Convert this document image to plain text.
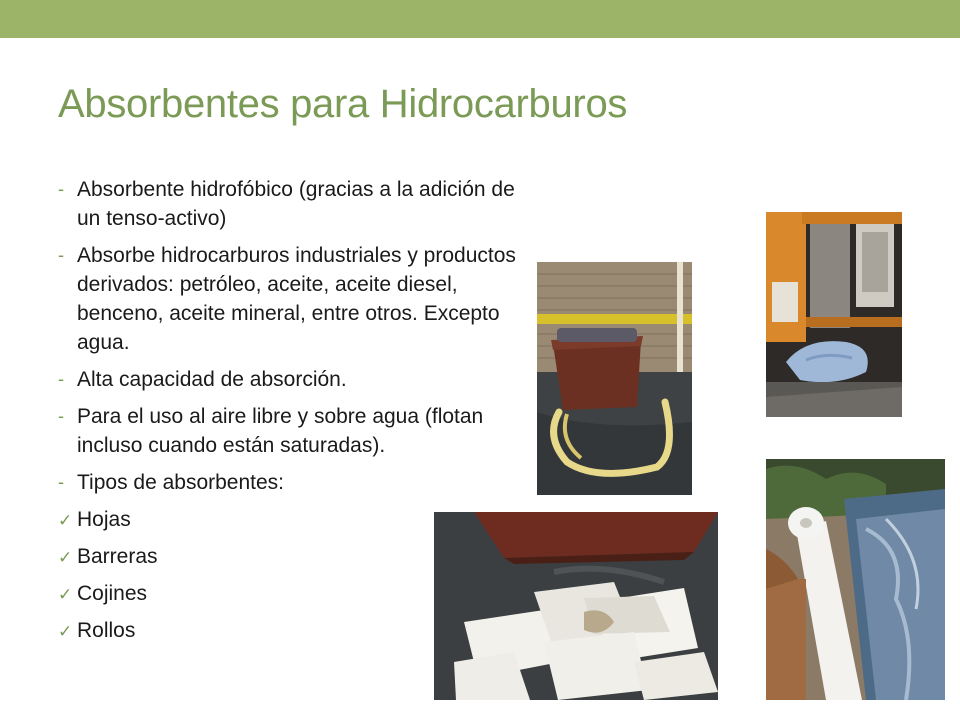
Absorbentes para Hidrocarburos
- Absorbente hidrofóbico (gracias a la adición de un tenso-activo)
- Absorbe hidrocarburos industriales y productos derivados: petróleo, aceite, aceite diesel, benceno, aceite mineral, entre otros. Excepto agua.
- Alta capacidad de absorción.
- Para el uso al aire libre y sobre agua (flotan incluso cuando están saturadas).
- Tipos de absorbentes:
✓ Hojas
✓ Barreras
✓ Cojines
✓ Rollos
